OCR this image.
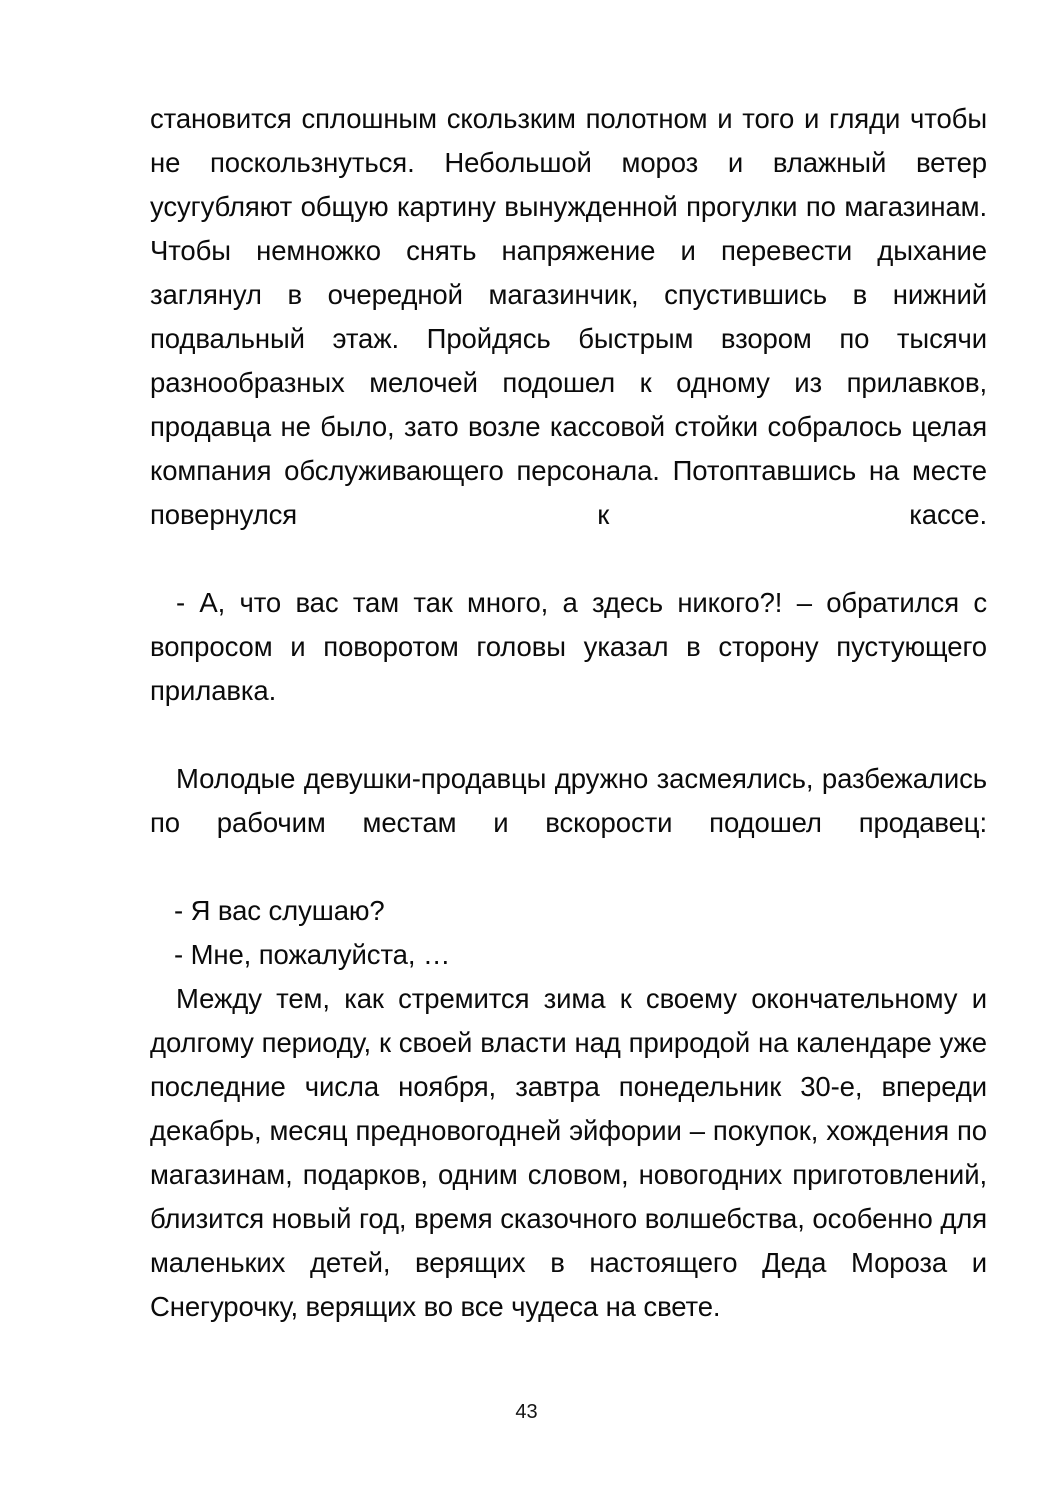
становится сплошным скользким полотном и того и гляди чтобы не поскользнуться. Небольшой мороз и влажный ветер усугубляют общую картину вынужденной прогулки по магазинам. Чтобы немножко снять напряжение и перевести дыхание заглянул в очередной магазинчик, спустившись в нижний подвальный этаж. Пройдясь быстрым взором по тысячи разнообразных мелочей подошел к одному из прилавков, продавца не было, зато возле кассовой стойки собралось целая компания обслуживающего персонала. Потоптавшись на месте повернулся к кассе.

- А, что вас там так много, а здесь никого?! – обратился с вопросом и поворотом головы указал в сторону пустующего прилавка.

Молодые девушки-продавцы дружно засмеялись, разбежались по рабочим местам и вскорости подошел продавец:

- Я вас слушаю?

- Мне, пожалуйста, …

Между тем, как стремится зима к своему окончательному и долгому периоду, к своей власти над природой на календаре уже последние числа ноября, завтра понедельник 30-е, впереди декабрь, месяц предновогодней эйфории – покупок, хождения по магазинам, подарков, одним словом, новогодних приготовлений, близится новый год, время сказочного волшебства, особенно для маленьких детей, верящих в настоящего Деда Мороза и Снегурочку, верящих во все чудеса на свете.

43
